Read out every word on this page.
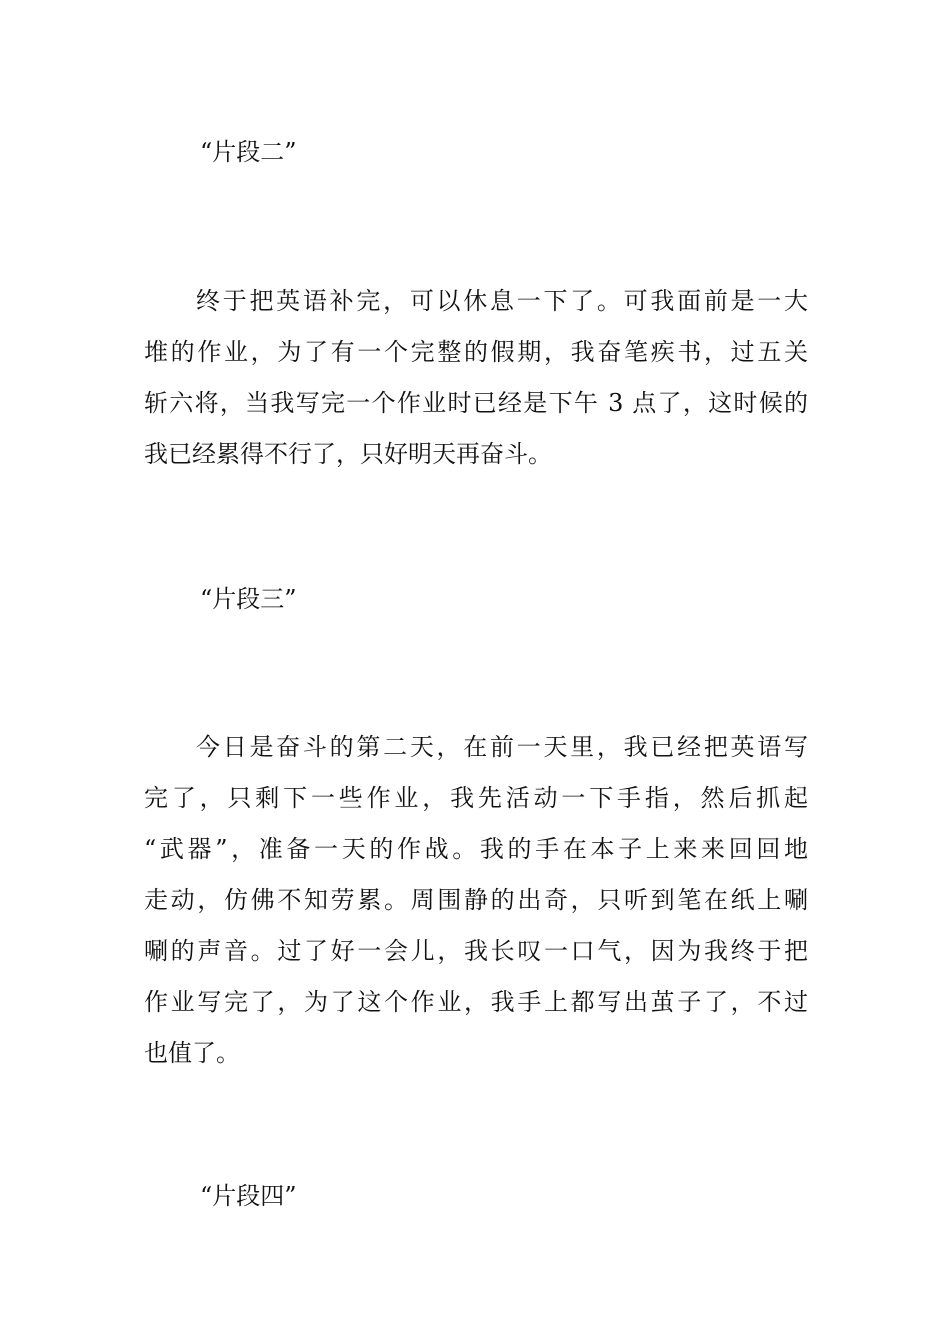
“片段二”
终于把英语补完，可以休息一下了。可我面前是一大
堆的作业，为了有一个完整的假期，我奋笔疾书，过五关
斩六将，当我写完一个作业时已经是下午 3 点了，这时候的
我已经累得不行了，只好明天再奋斗。
“片段三”
今日是奋斗的第二天，在前一天里，我已经把英语写
完了，只剩下一些作业，我先活动一下手指，然后抓起
“武器”，准备一天的作战。我的手在本子上来来回回地
走动，仿佛不知劳累。周围静的出奇，只听到笔在纸上唰
唰的声音。过了好一会儿，我长叹一口气，因为我终于把
作业写完了，为了这个作业，我手上都写出茧子了，不过
也值了。
“片段四”
